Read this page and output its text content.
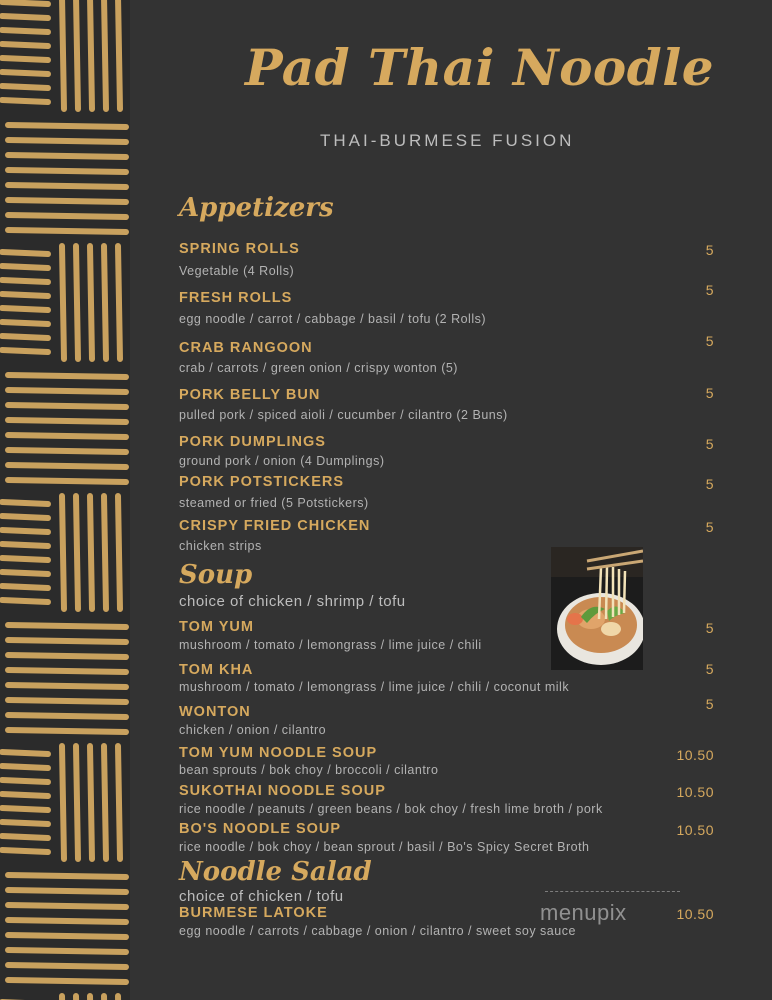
Pad Thai Noodle
THAI-BURMESE FUSION
Appetizers
SPRING ROLLS
Vegetable (4 Rolls)
5
FRESH ROLLS
egg noodle / carrot / cabbage / basil / tofu (2 Rolls)
5
CRAB RANGOON
crab / carrots / green onion / crispy wonton (5)
5
PORK BELLY BUN
pulled pork / spiced aioli / cucumber / cilantro (2 Buns)
5
PORK DUMPLINGS
ground pork / onion (4 Dumplings)
5
PORK POTSTICKERS
steamed or fried (5 Potstickers)
5
CRISPY FRIED CHICKEN
chicken strips
5
Soup
choice of chicken / shrimp / tofu
TOM YUM
mushroom / tomato / lemongrass / lime juice / chili
5
TOM KHA
mushroom / tomato / lemongrass / lime juice / chili / coconut milk
5
WONTON
chicken / onion / cilantro
5
TOM YUM NOODLE SOUP
bean sprouts / bok choy / broccoli / cilantro
10.50
SUKOTHAI NOODLE SOUP
rice noodle / peanuts / green beans / bok choy / fresh lime broth / pork
10.50
BO'S NOODLE SOUP
rice noodle / bok choy / bean sprout / basil / Bo's Spicy Secret Broth
10.50
Noodle Salad
choice of chicken / tofu
BURMESE LATOKE
egg noodle / carrots / cabbage / onion / cilantro / sweet soy sauce
10.50
menupix
